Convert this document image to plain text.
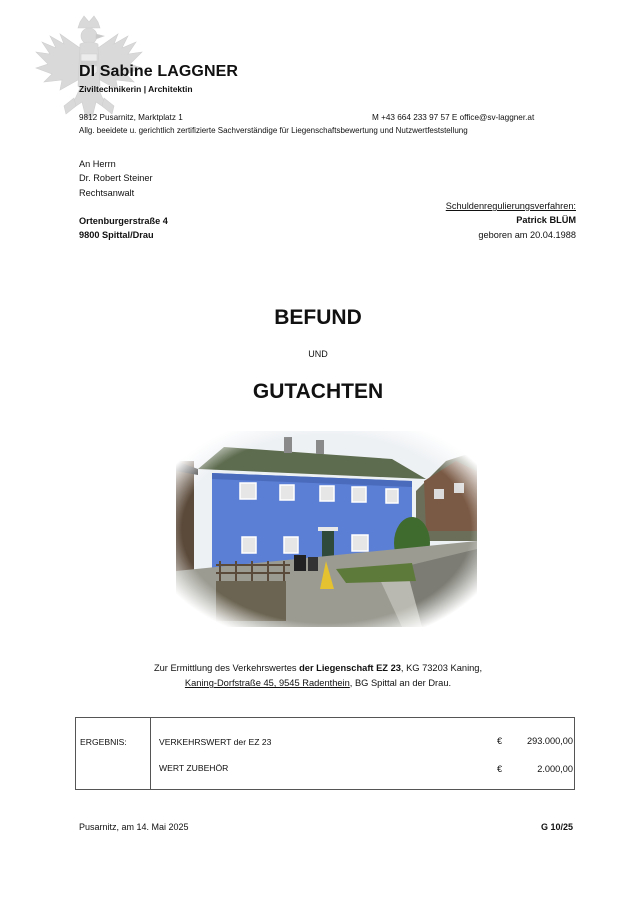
DI Sabine LAGGNER
Ziviltechnikerin | Architektin
9812 Pusarnitz, Marktplatz 1	M +43 664 233 97 57 E office@sv-laggner.at
Allg. beeidete u. gerichtlich zertifizierte Sachverständige für Liegenschaftsbewertung und Nutzwertfeststellung
An Herrn
Dr. Robert Steiner
Rechtsanwalt
Ortenburgerstraße 4
9800 Spittal/Drau
Schuldenregulierungsverfahren:
Patrick BLÜM
geboren am 20.04.1988
BEFUND
UND
GUTACHTEN
Zur Ermittlung des Verkehrswertes der Liegenschaft EZ 23, KG 73203 Kaning,
Kaning-Dorfstraße 45, 9545 Radenthein, BG Spittal an der Drau.
ERGEBNIS:	VERKEHRSWERT der EZ 23	€	293.000,00
WERT ZUBEHÖR	€	2.000,00
Pusarnitz, am 14. Mai 2025	G 10/25
